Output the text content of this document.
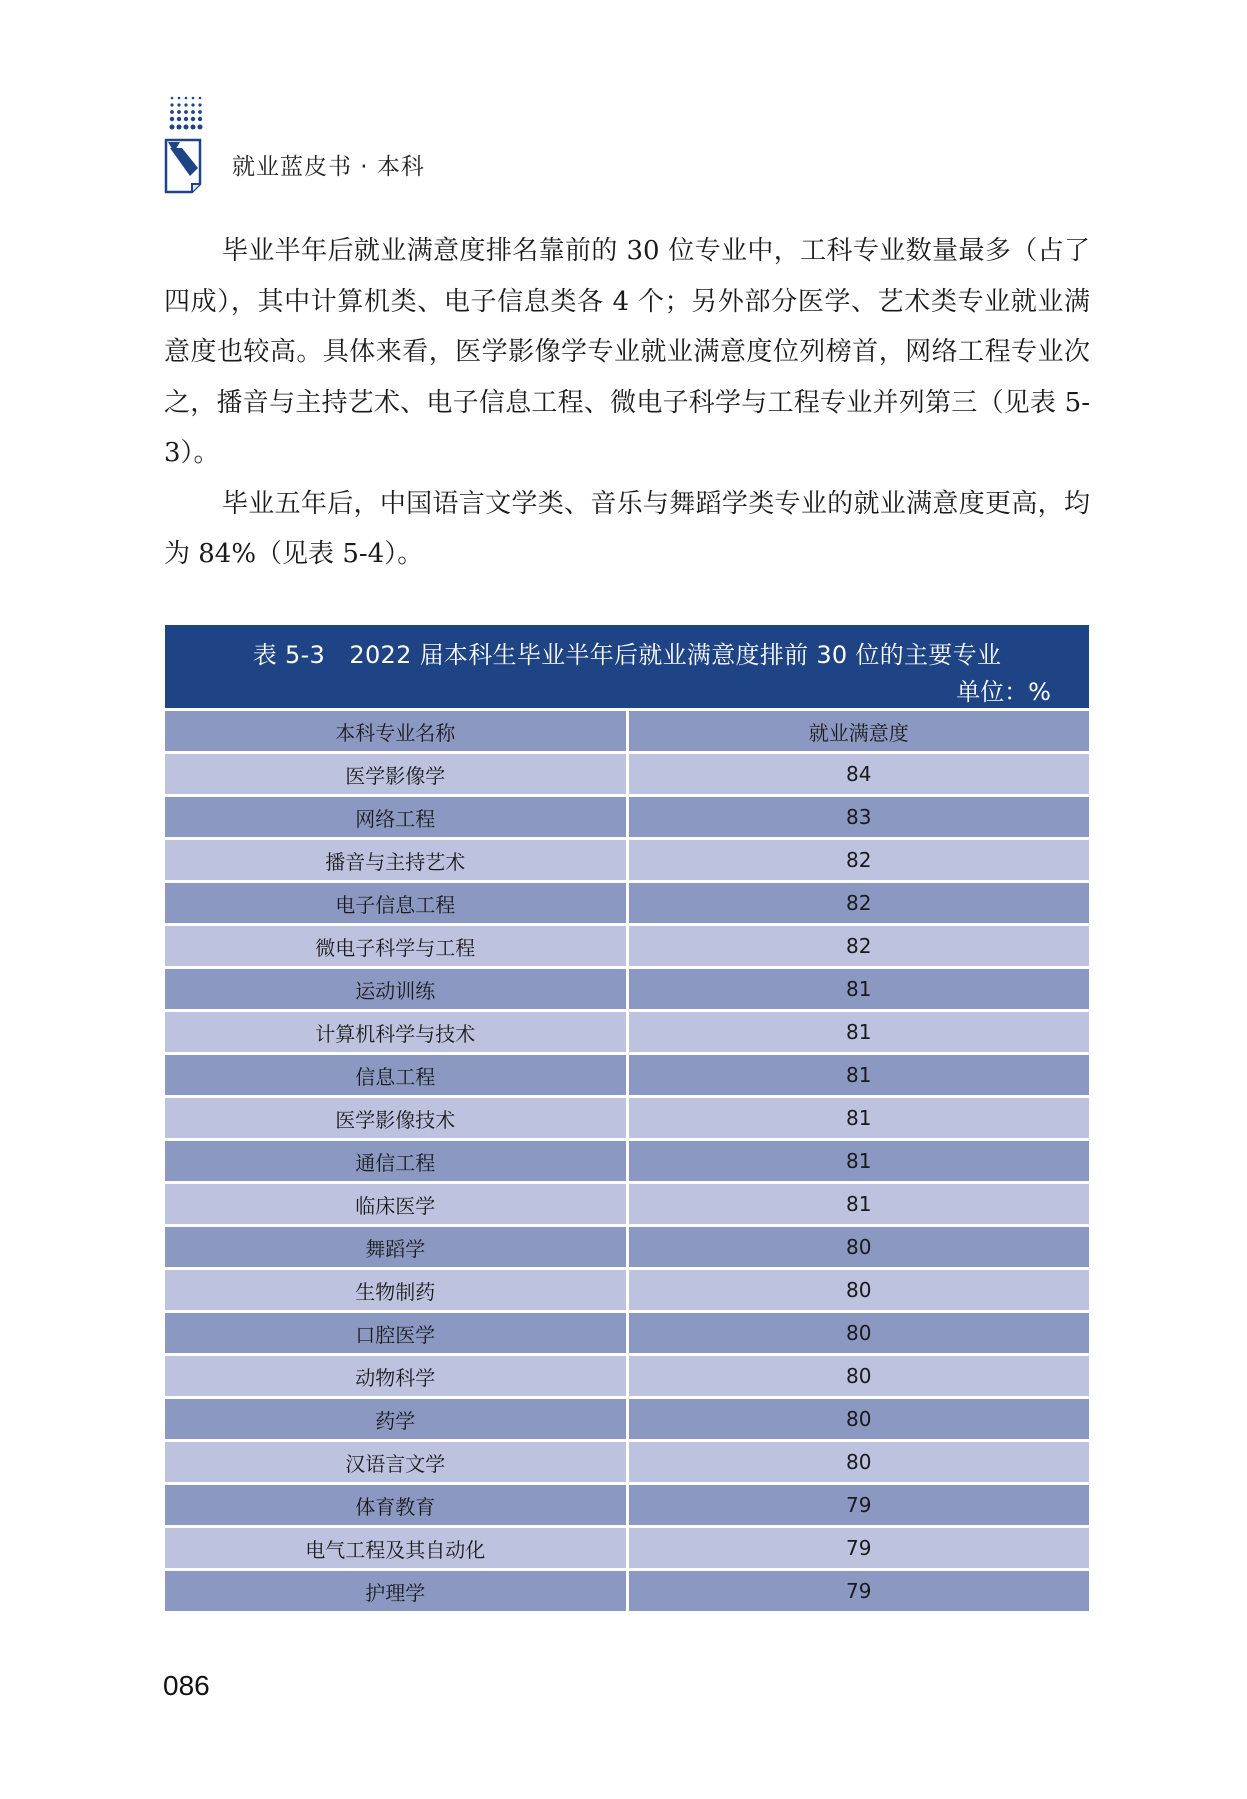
就业蓝皮书 · 本科

毕业半年后就业满意度排名靠前的 30 位专业中，工科专业数量最多（占了四成），其中计算机类、电子信息类各 4 个；另外部分医学、艺术类专业就业满意度也较高。具体来看，医学影像学专业就业满意度位列榜首，网络工程专业次之，播音与主持艺术、电子信息工程、微电子科学与工程专业并列第三（见表 5-3）。

毕业五年后，中国语言文学类、音乐与舞蹈学类专业的就业满意度更高，均为 84%（见表 5-4）。

表 5-3　2022 届本科生毕业半年后就业满意度排前 30 位的主要专业
单位：%
本科专业名称	就业满意度
医学影像学	84
网络工程	83
播音与主持艺术	82
电子信息工程	82
微电子科学与工程	82
运动训练	81
计算机科学与技术	81
信息工程	81
医学影像技术	81
通信工程	81
临床医学	81
舞蹈学	80
生物制药	80
口腔医学	80
动物科学	80
药学	80
汉语言文学	80
体育教育	79
电气工程及其自动化	79
护理学	79
086
